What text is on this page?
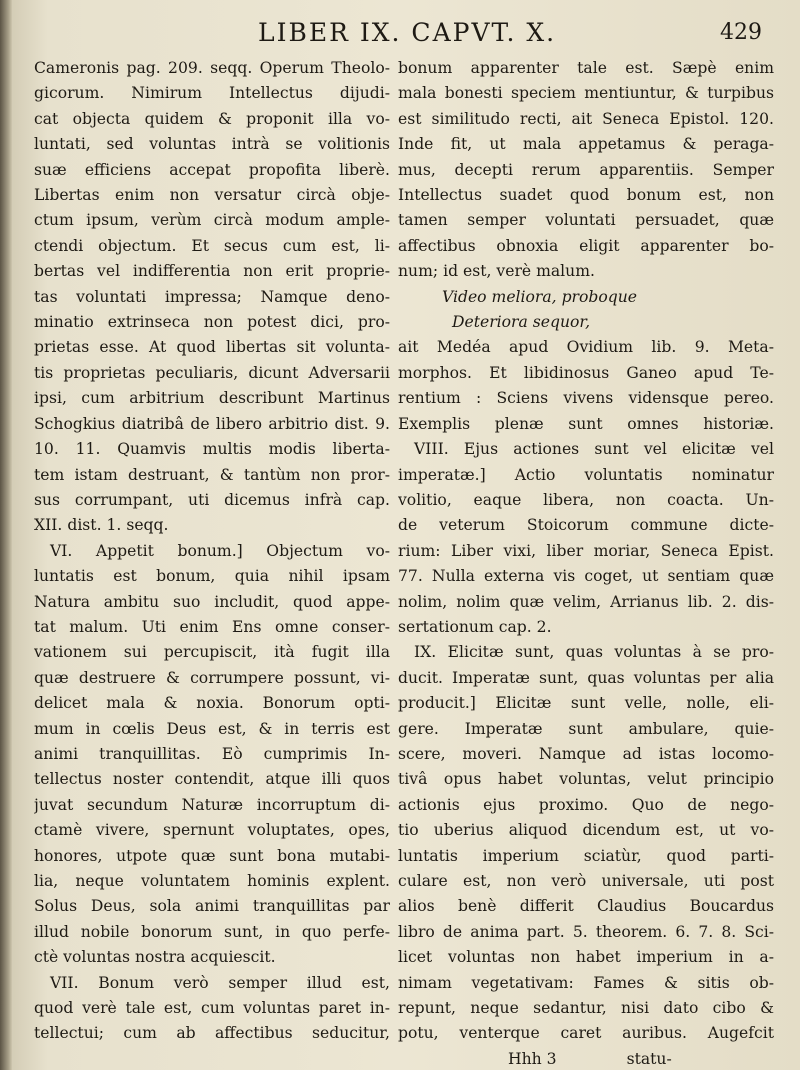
LIBER IX. CAPVT. X.	429
Cameronis pag. 209. seqq. Operum Theolo-
gicorum. Nimirum Intellectus dijudi-
cat objecta quidem & proponit illa vo-
luntati, sed voluntas intrà se volitionis
suæ efficiens accepat propofita liberè.
Libertas enim non versatur circà obje-
ctum ipsum, verùm circà modum ample-
ctendi objectum. Et secus cum est, li-
bertas vel indifferentia non erit proprie-
tas voluntati impressa; Namque deno-
minatio extrinseca non potest dici, pro-
prietas esse. At quod libertas sit volunta-
tis proprietas peculiaris, dicunt Adversarii
ipsi, cum arbitrium describunt Martinus
Schogkius diatribâ de libero arbitrio dist. 9.
10. 11. Quamvis multis modis liberta-
tem istam destruant, & tantùm non pror-
sus corrumpant, uti dicemus infrà cap.
XII. dist. 1. seqq.
VI. Appetit bonum.] Objectum vo-
luntatis est bonum, quia nihil ipsam
Natura ambitu suo includit, quod appe-
tat malum. Uti enim Ens omne conser-
vationem sui percupiscit, ità fugit illa
quæ destruere & corrumpere possunt, vi-
delicet mala & noxia. Bonorum opti-
mum in cœlis Deus est, & in terris est
animi tranquillitas. Eò cumprimis In-
tellectus noster contendit, atque illi quos
juvat secundum Naturæ incorruptum di-
ctamè vivere, spernunt voluptates, opes,
honores, utpote quæ sunt bona mutabi-
lia, neque voluntatem hominis explent.
Solus Deus, sola animi tranquillitas par
illud nobile bonorum sunt, in quo perfe-
ctè voluntas nostra acquiescit.
VII. Bonum verò semper illud est,
quod verè tale est, cum voluntas paret in-
tellectui; cum ab affectibus seducitur,
bonum apparenter tale est. Sæpè enim
mala bonesti speciem mentiuntur, & turpibus
est similitudo recti, ait Seneca Epistol. 120.
Inde fit, ut mala appetamus & peraga-
mus, decepti rerum apparentiis. Semper
Intellectus suadet quod bonum est, non
tamen semper voluntati persuadet, quæ
affectibus obnoxia eligit apparenter bo-
num; id est, verè malum.
Video meliora, proboque
Deteriora sequor,
ait Medéa apud Ovidium lib. 9. Meta-
morphos. Et libidinosus Ganeo apud Te-
rentium : Sciens vivens vidensque pereo.
Exemplis plenæ sunt omnes historiæ.
VIII. Ejus actiones sunt vel elicitæ vel
imperatæ.] Actio voluntatis nominatur
volitio, eaque libera, non coacta. Un-
de veterum Stoicorum commune dicte-
rium: Liber vixi, liber moriar, Seneca Epist.
77. Nulla externa vis coget, ut sentiam quæ
nolim, nolim quæ velim, Arrianus lib. 2. dis-
sertationum cap. 2.
IX. Elicitæ sunt, quas voluntas à se pro-
ducit. Imperatæ sunt, quas voluntas per alia
producit.] Elicitæ sunt velle, nolle, eli-
gere. Imperatæ sunt ambulare, quie-
scere, moveri. Namque ad istas locomo-
tivâ opus habet voluntas, velut principio
actionis ejus proximo. Quo de nego-
tio uberius aliquod dicendum est, ut vo-
luntatis imperium sciatùr, quod parti-
culare est, non verò universale, uti post
alios benè differit Claudius Boucardus
libro de anima part. 5. theorem. 6. 7. 8. Sci-
licet voluntas non habet imperium in a-
nimam vegetativam: Fames & sitis ob-
repunt, neque sedantur, nisi dato cibo &
potu, venterque caret auribus. Augefcit
Hhh 3	statu-
